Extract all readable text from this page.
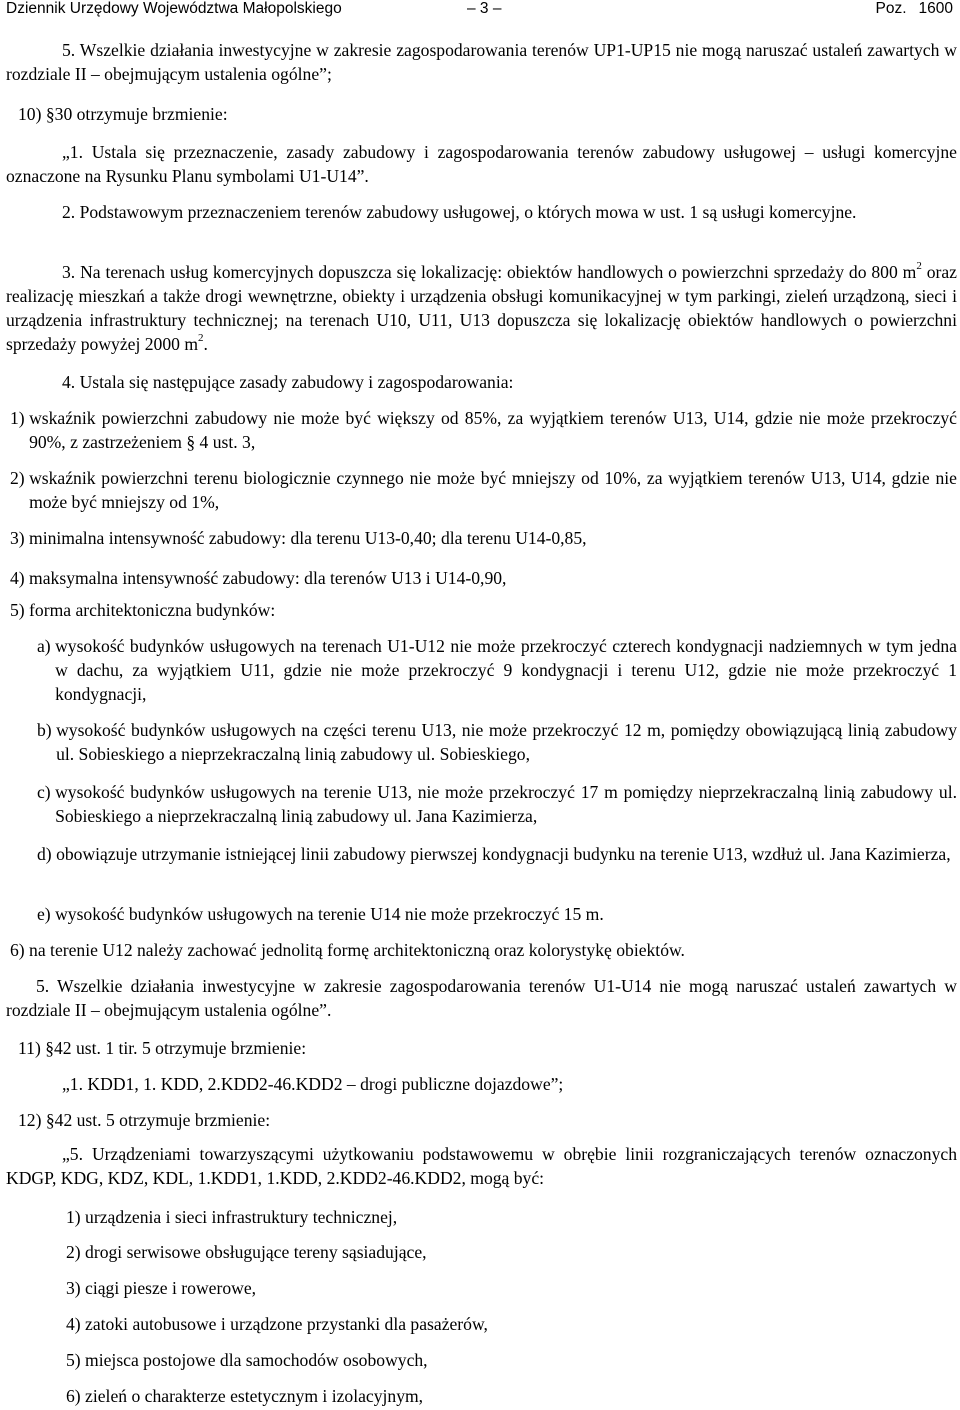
Dziennik Urzędowy Województwa Małopolskiego	– 3 –	Poz. 1600

5. Wszelkie działania inwestycyjne w zakresie zagospodarowania terenów UP1-UP15 nie mogą naruszać ustaleń zawartych w rozdziale II – obejmującym ustalenia ogólne”;

10) §30 otrzymuje brzmienie:

„1. Ustala się przeznaczenie, zasady zabudowy i zagospodarowania terenów zabudowy usługowej – usługi komercyjne oznaczone na Rysunku Planu symbolami U1-U14”.

2. Podstawowym przeznaczeniem terenów zabudowy usługowej, o których mowa w ust. 1 są usługi komercyjne.

3. Na terenach usług komercyjnych dopuszcza się lokalizację: obiektów handlowych o powierzchni sprzedaży do 800 $m^2$ oraz realizację mieszkań a także drogi wewnętrzne, obiekty i urządzenia obsługi komunikacyjnej w tym parkingi, zieleń urządzoną, sieci i urządzenia infrastruktury technicznej; na terenach U10, U11, U13 dopuszcza się lokalizację obiektów handlowych o powierzchni sprzedaży powyżej 2000 $m^2$.

4. Ustala się następujące zasady zabudowy i zagospodarowania:

1) wskaźnik powierzchni zabudowy nie może być większy od 85%, za wyjątkiem terenów U13, U14, gdzie nie może przekroczyć 90%, z zastrzeżeniem § 4 ust. 3,
2) wskaźnik powierzchni terenu biologicznie czynnego nie może być mniejszy od 10%, za wyjątkiem terenów U13, U14, gdzie nie może być mniejszy od 1%,

3) minimalna intensywność zabudowy: dla terenu U13-0,40; dla terenu U14-0,85,

4) maksymalna intensywność zabudowy: dla terenów U13 i U14-0,90,

5) forma architektoniczna budynków:

a) wysokość budynków usługowych na terenach U1-U12 nie może przekroczyć czterech kondygnacji nadziemnych w tym jedna w dachu, za wyjątkiem U11, gdzie nie może przekroczyć 9 kondygnacji i terenu U12, gdzie nie może przekroczyć 1 kondygnacji,
b) wysokość budynków usługowych na części terenu U13, nie może przekroczyć 12 m, pomiędzy obowiązującą linią zabudowy ul. Sobieskiego a nieprzekraczalną linią zabudowy ul. Sobieskiego,
c) wysokość budynków usługowych na terenie U13, nie może przekroczyć 17 m pomiędzy nieprzekraczalną linią zabudowy ul. Sobieskiego a nieprzekraczalną linią zabudowy ul. Jana Kazimierza,
d) obowiązuje utrzymanie istniejącej linii zabudowy pierwszej kondygnacji budynku na terenie U13, wzdłuż ul. Jana Kazimierza,

e) wysokość budynków usługowych na terenie U14 nie może przekroczyć 15 m.

6) na terenie U12 należy zachować jednolitą formę architektoniczną oraz kolorystykę obiektów.

5. Wszelkie działania inwestycyjne w zakresie zagospodarowania terenów U1-U14 nie mogą naruszać ustaleń zawartych w rozdziale II – obejmującym ustalenia ogólne”.

11) §42 ust. 1 tir. 5 otrzymuje brzmienie:

„1. KDD1, 1. KDD, 2.KDD2-46.KDD2 – drogi publiczne dojazdowe”;

12) §42 ust. 5 otrzymuje brzmienie:

„5. Urządzeniami towarzyszącymi użytkowaniu podstawowemu w obrębie linii rozgraniczających terenów oznaczonych KDGP, KDG, KDZ, KDL, 1.KDD1, 1.KDD, 2.KDD2-46.KDD2, mogą być:

1) urządzenia i sieci infrastruktury technicznej,

2) drogi serwisowe obsługujące tereny sąsiadujące,

3) ciągi piesze i rowerowe,

4) zatoki autobusowe i urządzone przystanki dla pasażerów,

5) miejsca postojowe dla samochodów osobowych,

6) zieleń o charakterze estetycznym i izolacyjnym,
